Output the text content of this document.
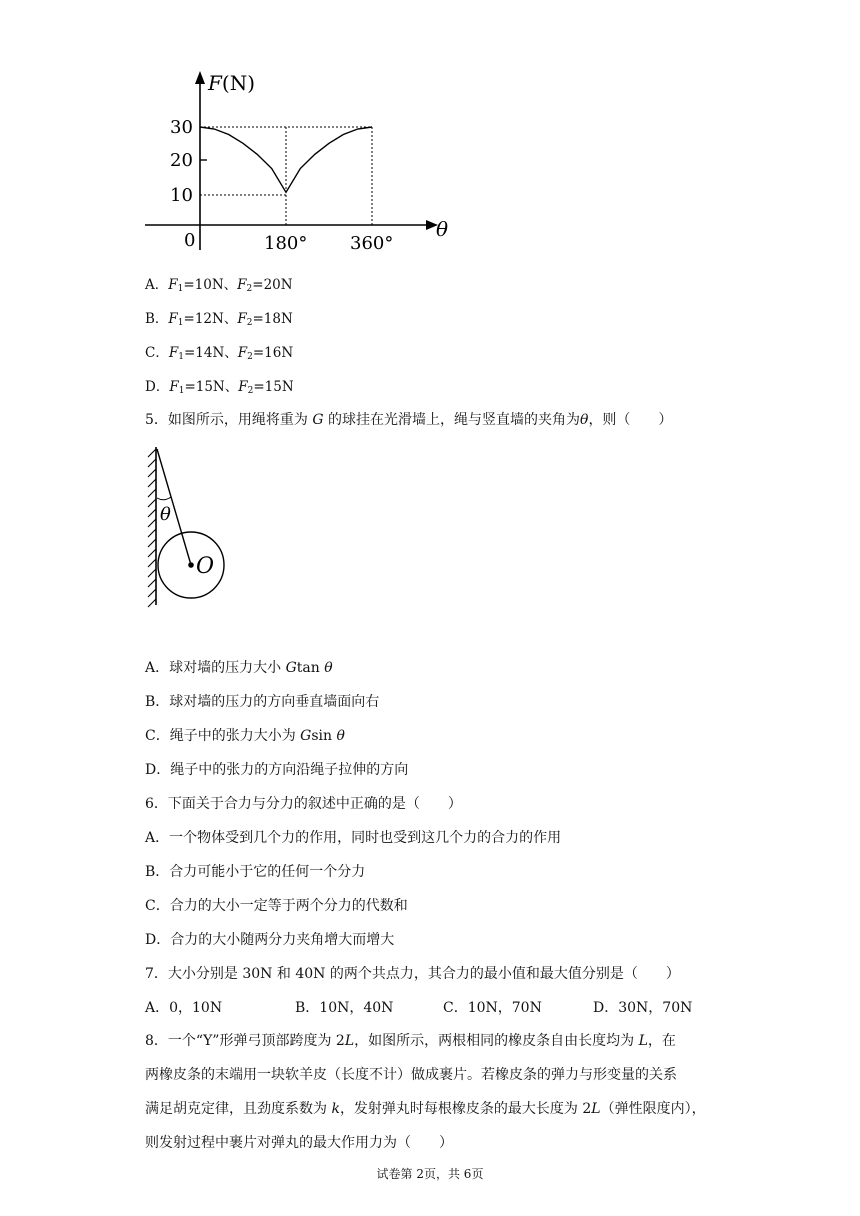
F(N)
30
20
10
0	180° 360°
θ
A．$F_1=10N$、$F_2=20N$
B．$F_1=12N$、$F_2=18N$
C．$F_1=14N$、$F_2=16N$
D．$F_1=15N$、$F_2=15N$
5．如图所示，用绳将重为 G 的球挂在光滑墙上，绳与竖直墙的夹角为θ，则（　　）
θ
O
A．球对墙的压力大小 Gtan θ
B．球对墙的压力的方向垂直墙面向右
C．绳子中的张力大小为 Gsin θ
D．绳子中的张力的方向沿绳子拉伸的方向
6．下面关于合力与分力的叙述中正确的是（　　）
A．一个物体受到几个力的作用，同时也受到这几个力的合力的作用
B．合力可能小于它的任何一个分力
C．合力的大小一定等于两个分力的代数和
D．合力的大小随两分力夹角增大而增大
7．大小分别是 30N 和 40N 的两个共点力，其合力的最小值和最大值分别是（　　）
A．0，10N	B．10N，40N	C．10N，70N	D．30N，70N
8．一个“Y”形弹弓顶部跨度为 2L，如图所示，两根相同的橡皮条自由长度均为 L，在
两橡皮条的末端用一块软羊皮（长度不计）做成裹片。若橡皮条的弹力与形变量的关系
满足胡克定律，且劲度系数为 k，发射弹丸时每根橡皮条的最大长度为 2L（弹性限度内），
则发射过程中裹片对弹丸的最大作用力为（　　）
试卷第 2页，共 6页
